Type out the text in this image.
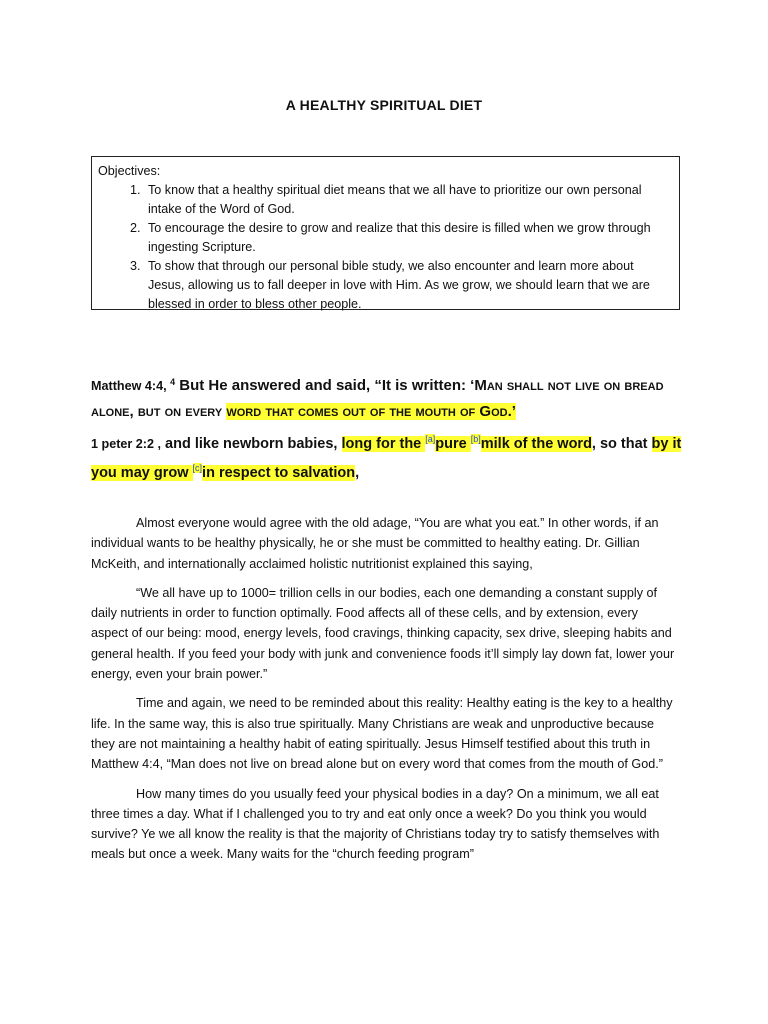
A HEALTHY SPIRITUAL DIET
Objectives:
1. To know that a healthy spiritual diet means that we all have to prioritize our own personal intake of the Word of God.
2. To encourage the desire to grow and realize that this desire is filled when we grow through ingesting Scripture.
3. To show that through our personal bible study, we also encounter and learn more about Jesus, allowing us to fall deeper in love with Him. As we grow, we should learn that we are blessed in order to bless other people.
Matthew 4:4, $^4$ But He answered and said, “It is written: ‘Man shall not live on bread alone, but on every word that comes out of the mouth of God.’
1 peter 2:2 , and like newborn babies, long for the [a]pure [b]milk of the word, so that by it you may grow [c]in respect to salvation,

Almost everyone would agree with the old adage, “You are what you eat.” In other words, if an individual wants to be healthy physically, he or she must be committed to healthy eating. Dr. Gillian McKeith, and internationally acclaimed holistic nutritionist explained this saying,

“We all have up to 1000= trillion cells in our bodies, each one demanding a constant supply of daily nutrients in order to function optimally. Food affects all of these cells, and by extension, every aspect of our being: mood, energy levels, food cravings, thinking capacity, sex drive, sleeping habits and general health. If you feed your body with junk and convenience foods it’ll simply lay down fat, lower your energy, even your brain power.”

Time and again, we need to be reminded about this reality: Healthy eating is the key to a healthy life. In the same way, this is also true spiritually. Many Christians are weak and unproductive because they are not maintaining a healthy habit of eating spiritually. Jesus Himself testified about this truth in Matthew 4:4, “Man does not live on bread alone but on every word that comes from the mouth of God.”

How many times do you usually feed your physical bodies in a day? On a minimum, we all eat three times a day. What if I challenged you to try and eat only once a week? Do you think you would survive? Ye we all know the reality is that the majority of Christians today try to satisfy themselves with meals but once a week. Many waits for the “church feeding program”
